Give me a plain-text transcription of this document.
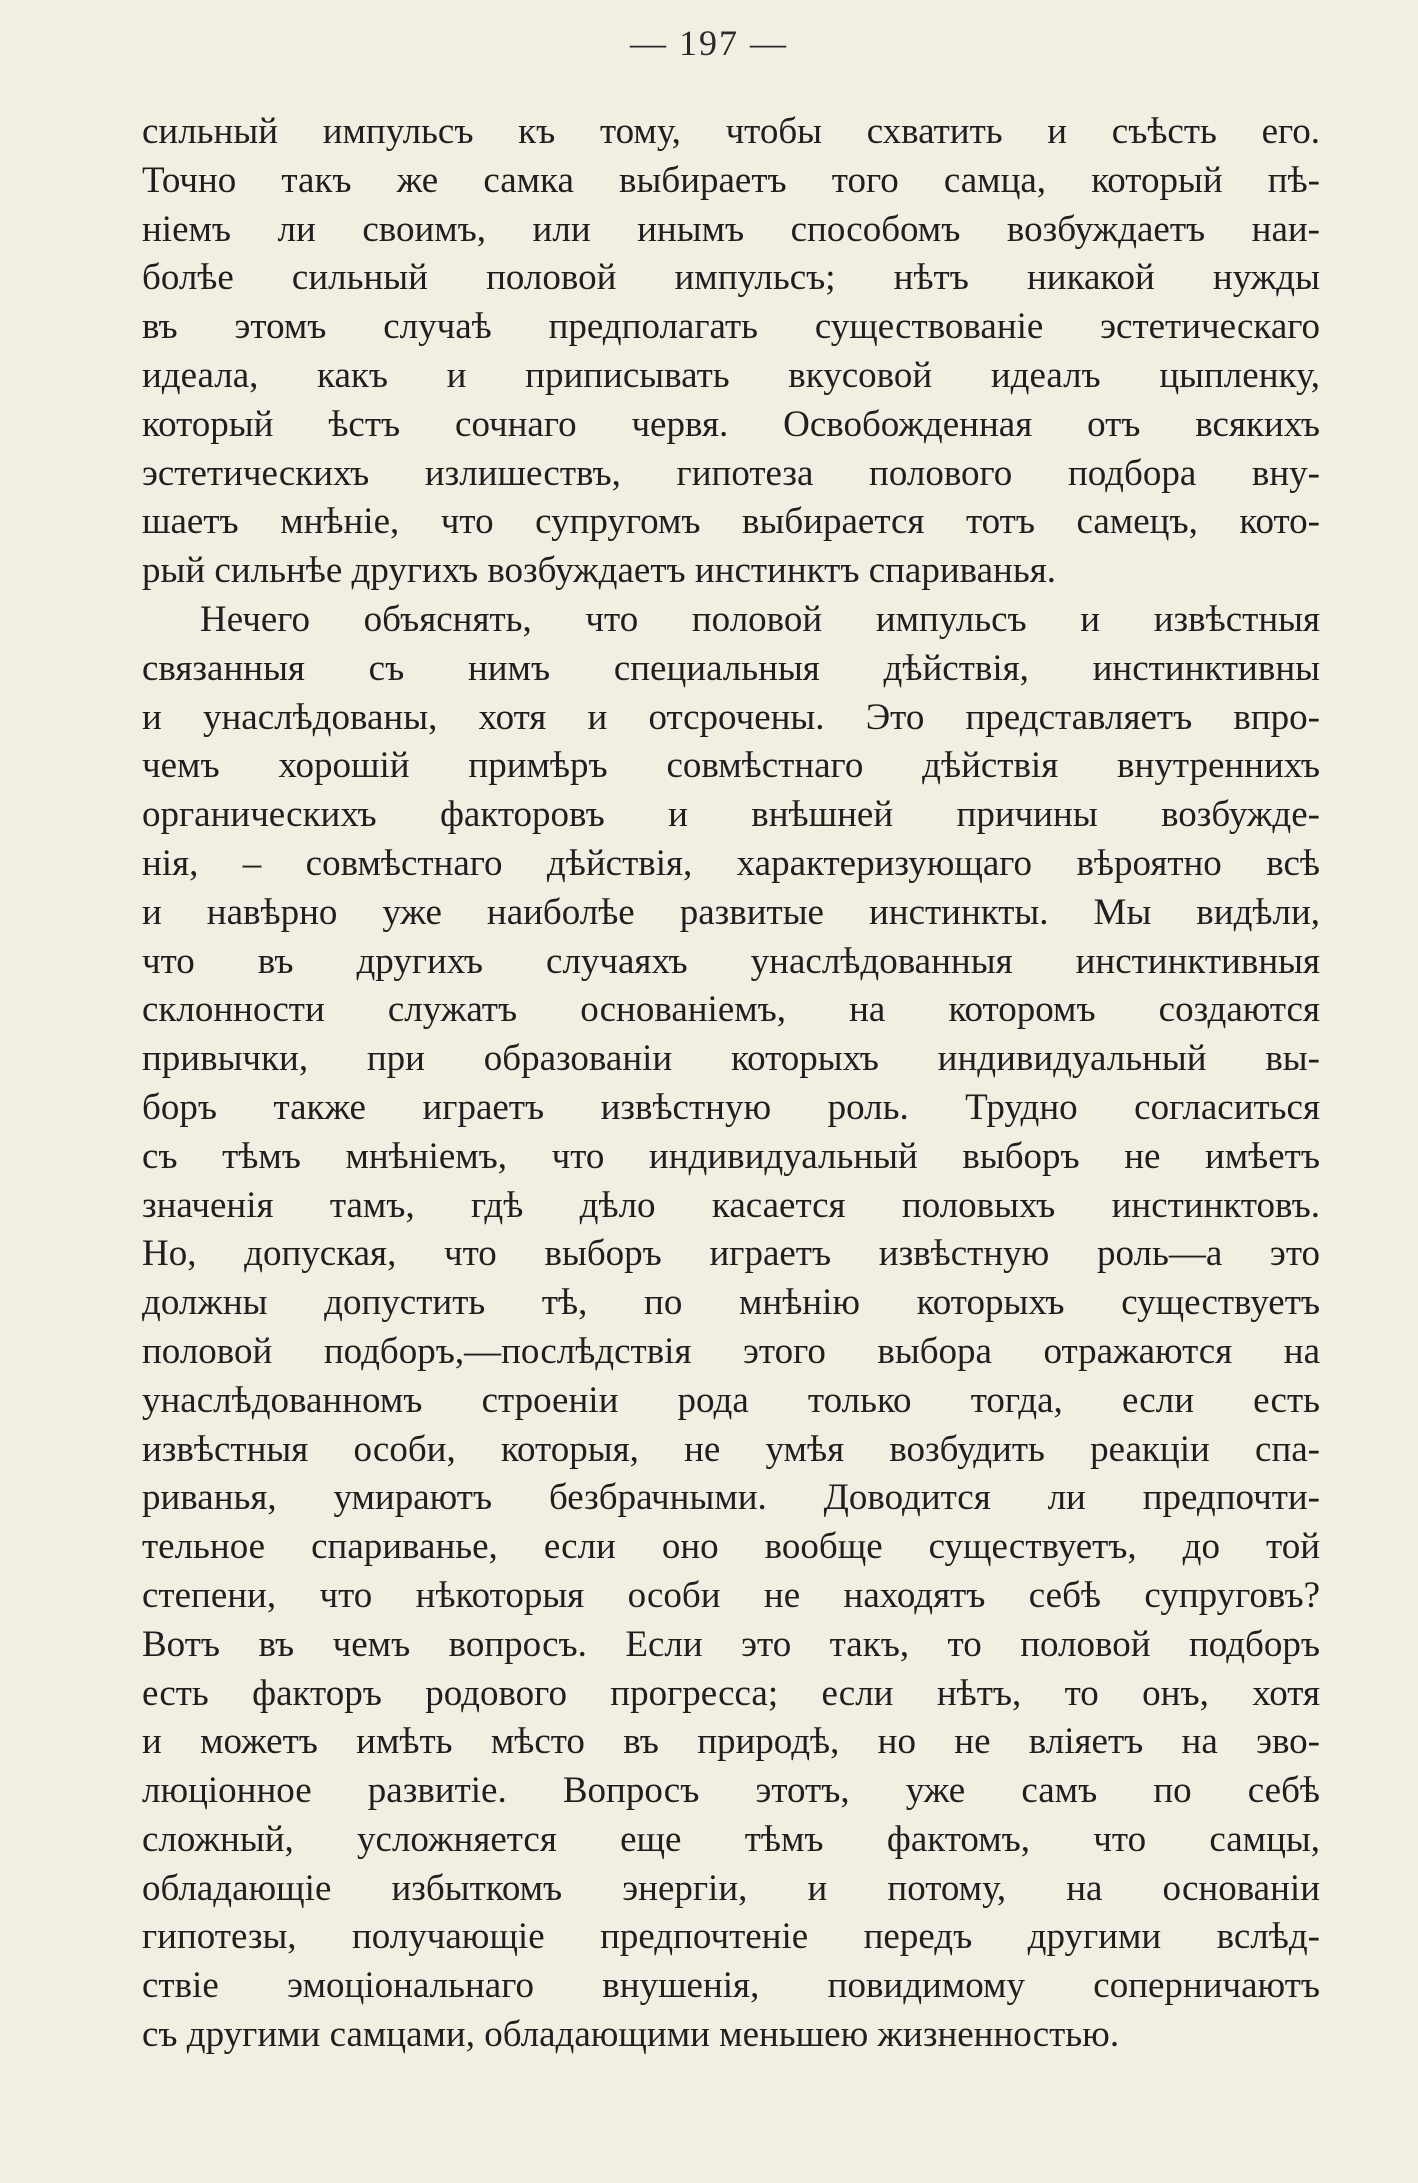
— 197 —
сильный импульсъ къ тому, чтобы схватить и съѣсть его.
Точно такъ же самка выбираетъ того самца, который пѣ-
ніемъ ли своимъ, или инымъ способомъ возбуждаетъ наи-
болѣе сильный половой импульсъ; нѣтъ никакой нужды
въ этомъ случаѣ предполагать существованіе эстетическаго
идеала, какъ и приписывать вкусовой идеалъ цыпленку,
который ѣстъ сочнаго червя. Освобожденная отъ всякихъ
эстетическихъ излишествъ, гипотеза полового подбора вну-
шаетъ мнѣніе, что супругомъ выбирается тотъ самецъ, кото-
рый сильнѣе другихъ возбуждаетъ инстинктъ спариванья.
Нечего объяснять, что половой импульсъ и извѣстныя
связанныя съ нимъ специальныя дѣйствія, инстинктивны
и унаслѣдованы, хотя и отсрочены. Это представляетъ впро-
чемъ хорошій примѣръ совмѣстнаго дѣйствія внутреннихъ
органическихъ факторовъ и внѣшней причины возбужде-
нія, – совмѣстнаго дѣйствія, характеризующаго вѣроятно всѣ
и навѣрно уже наиболѣе развитые инстинкты. Мы видѣли,
что въ другихъ случаяхъ унаслѣдованныя инстинктивныя
склонности служатъ основаніемъ, на которомъ создаются
привычки, при образованіи которыхъ индивидуальный вы-
боръ также играетъ извѣстную роль. Трудно согласиться
съ тѣмъ мнѣніемъ, что индивидуальный выборъ не имѣетъ
значенія тамъ, гдѣ дѣло касается половыхъ инстинктовъ.
Но, допуская, что выборъ играетъ извѣстную роль—а это
должны допустить тѣ, по мнѣнію которыхъ существуетъ
половой подборъ,—послѣдствія этого выбора отражаются на
унаслѣдованномъ строеніи рода только тогда, если есть
извѣстныя особи, которыя, не умѣя возбудить реакціи спа-
риванья, умираютъ безбрачными. Доводится ли предпочти-
тельное спариванье, если оно вообще существуетъ, до той
степени, что нѣкоторыя особи не находятъ себѣ супруговъ?
Вотъ въ чемъ вопросъ. Если это такъ, то половой подборъ
есть факторъ родового прогресса; если нѣтъ, то онъ, хотя
и можетъ имѣть мѣсто въ природѣ, но не вліяетъ на эво-
люціонное развитіе. Вопросъ этотъ, уже самъ по себѣ
сложный, усложняется еще тѣмъ фактомъ, что самцы,
обладающіе избыткомъ энергіи, и потому, на основаніи
гипотезы, получающіе предпочтеніе передъ другими вслѣд-
ствіе эмоціональнаго внушенія, повидимому соперничаютъ
съ другими самцами, обладающими меньшею жизненностью.
